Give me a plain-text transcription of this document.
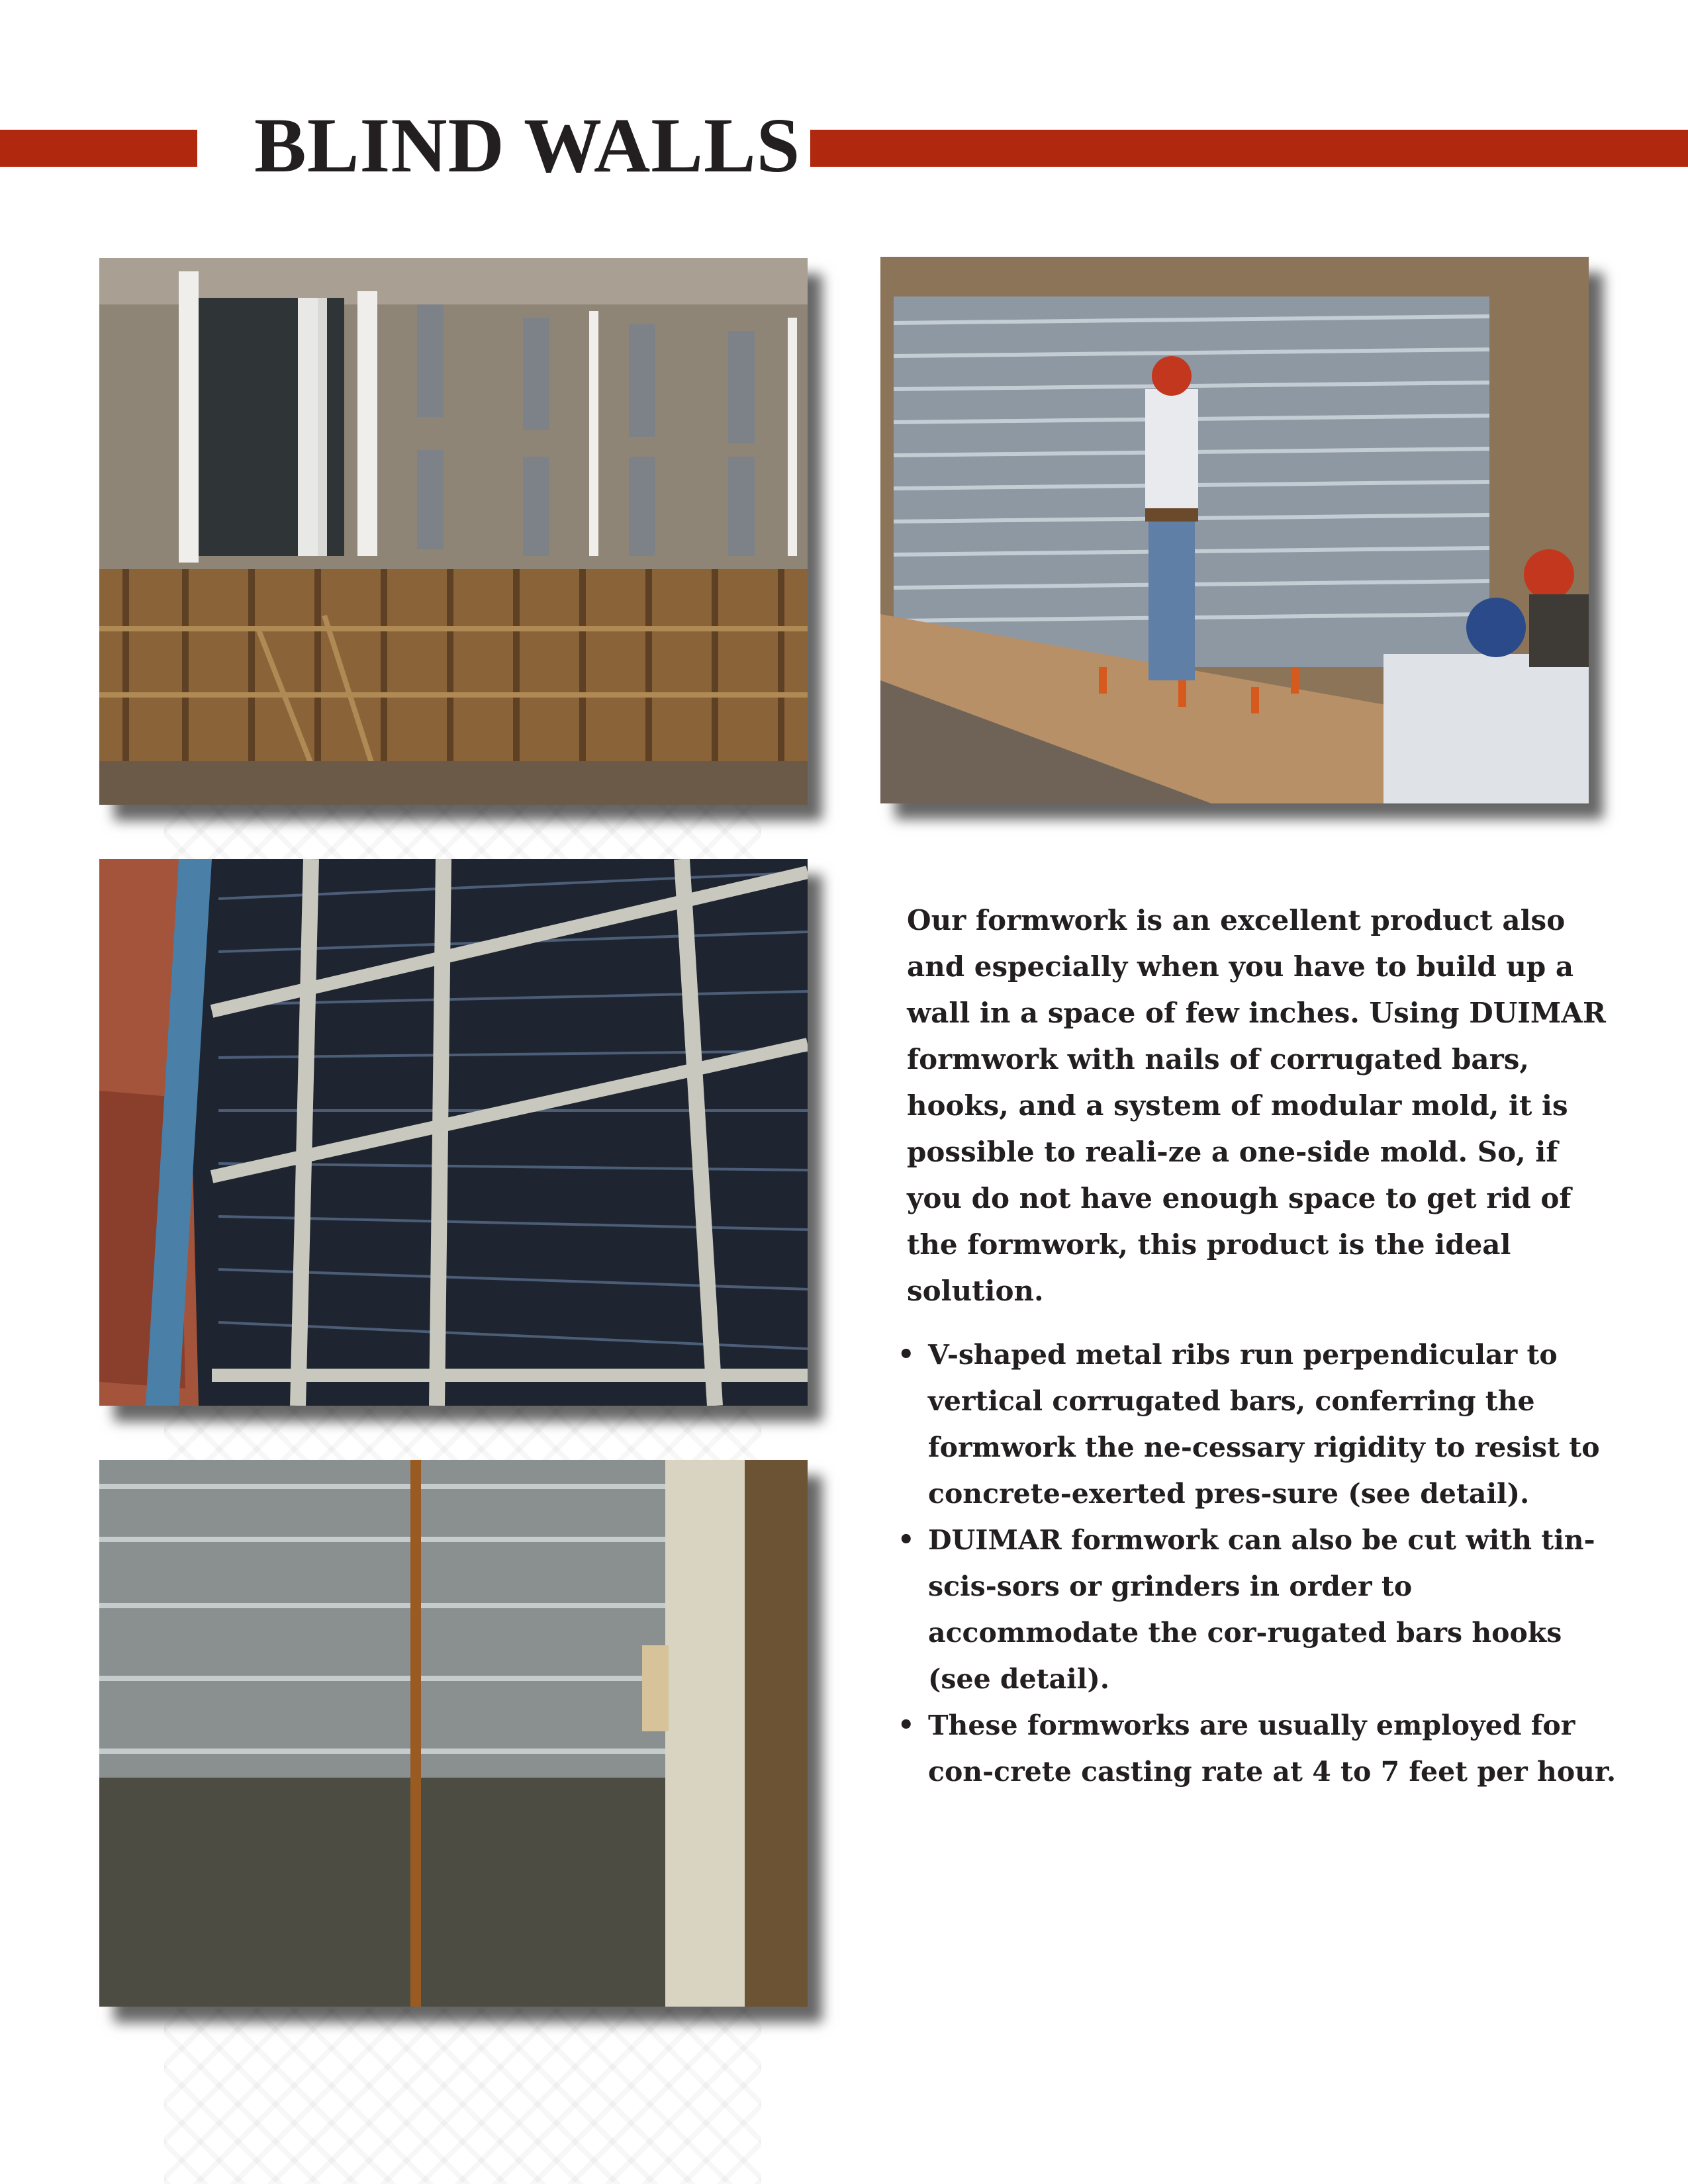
BLIND WALLS

Our formwork is an excellent product also and especially when you have to build up a wall in a space of few inches. Using DUIMAR formwork with nails of corrugated bars, hooks, and a system of modular mold, it is possible to reali-ze a one-side mold. So, if you do not have enough space to get rid of the formwork, this product is the ideal solution.

• V-shaped metal ribs run perpendicular to vertical corrugated bars, conferring the formwork the ne-cessary rigidity to resist to concrete-exerted pres-sure (see detail).
• DUIMAR formwork can also be cut with tin-scis-sors or grinders in order to accommodate the cor-rugated bars hooks (see detail).
• These formworks are usually employed for con-crete casting rate at 4 to 7 feet per hour.
